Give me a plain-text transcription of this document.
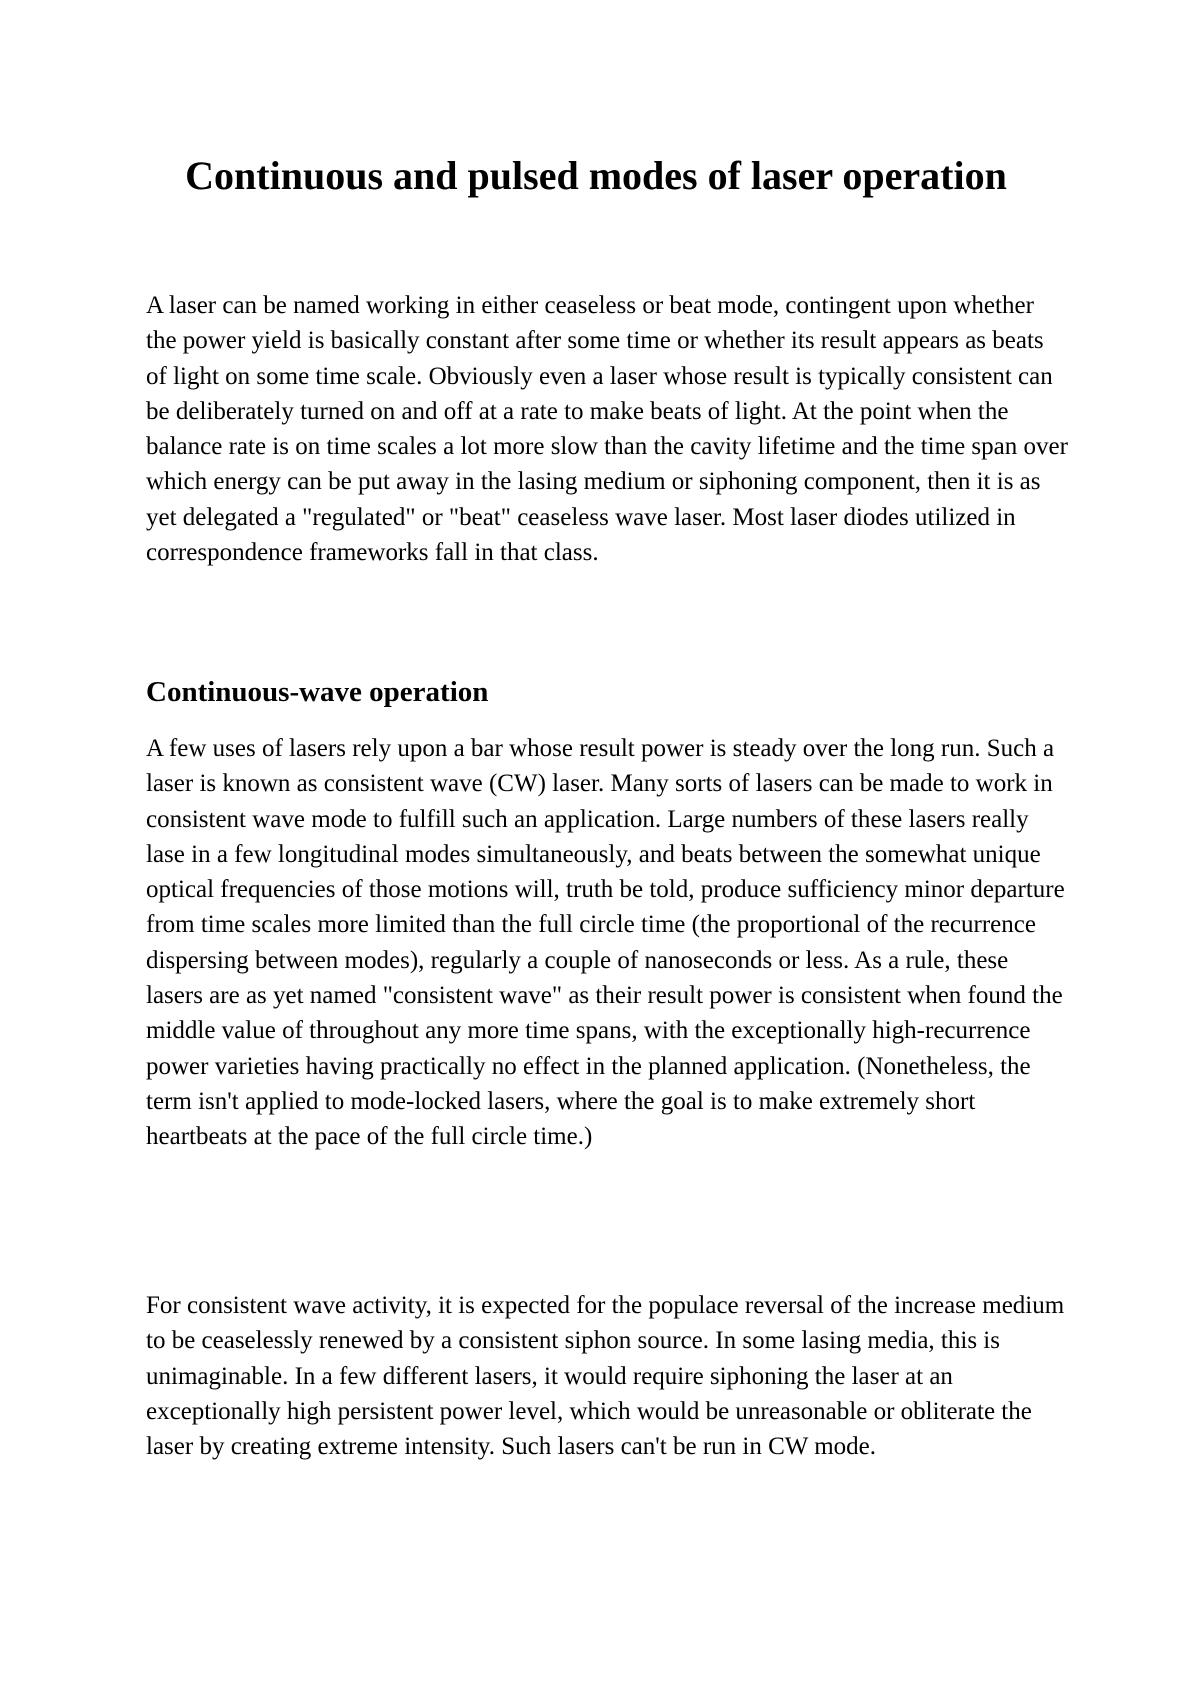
Continuous and pulsed modes of laser operation

A laser can be named working in either ceaseless or beat mode, contingent upon whether the power yield is basically constant after some time or whether its result appears as beats of light on some time scale. Obviously even a laser whose result is typically consistent can be deliberately turned on and off at a rate to make beats of light. At the point when the balance rate is on time scales a lot more slow than the cavity lifetime and the time span over which energy can be put away in the lasing medium or siphoning component, then it is as yet delegated a "regulated" or "beat" ceaseless wave laser. Most laser diodes utilized in correspondence frameworks fall in that class.

Continuous-wave operation

A few uses of lasers rely upon a bar whose result power is steady over the long run. Such a laser is known as consistent wave (CW) laser. Many sorts of lasers can be made to work in consistent wave mode to fulfill such an application. Large numbers of these lasers really lase in a few longitudinal modes simultaneously, and beats between the somewhat unique optical frequencies of those motions will, truth be told, produce sufficiency minor departure from time scales more limited than the full circle time (the proportional of the recurrence dispersing between modes), regularly a couple of nanoseconds or less. As a rule, these lasers are as yet named "consistent wave" as their result power is consistent when found the middle value of throughout any more time spans, with the exceptionally high-recurrence power varieties having practically no effect in the planned application. (Nonetheless, the term isn't applied to mode-locked lasers, where the goal is to make extremely short heartbeats at the pace of the full circle time.)

For consistent wave activity, it is expected for the populace reversal of the increase medium to be ceaselessly renewed by a consistent siphon source. In some lasing media, this is unimaginable. In a few different lasers, it would require siphoning the laser at an exceptionally high persistent power level, which would be unreasonable or obliterate the laser by creating extreme intensity. Such lasers can't be run in CW mode.
